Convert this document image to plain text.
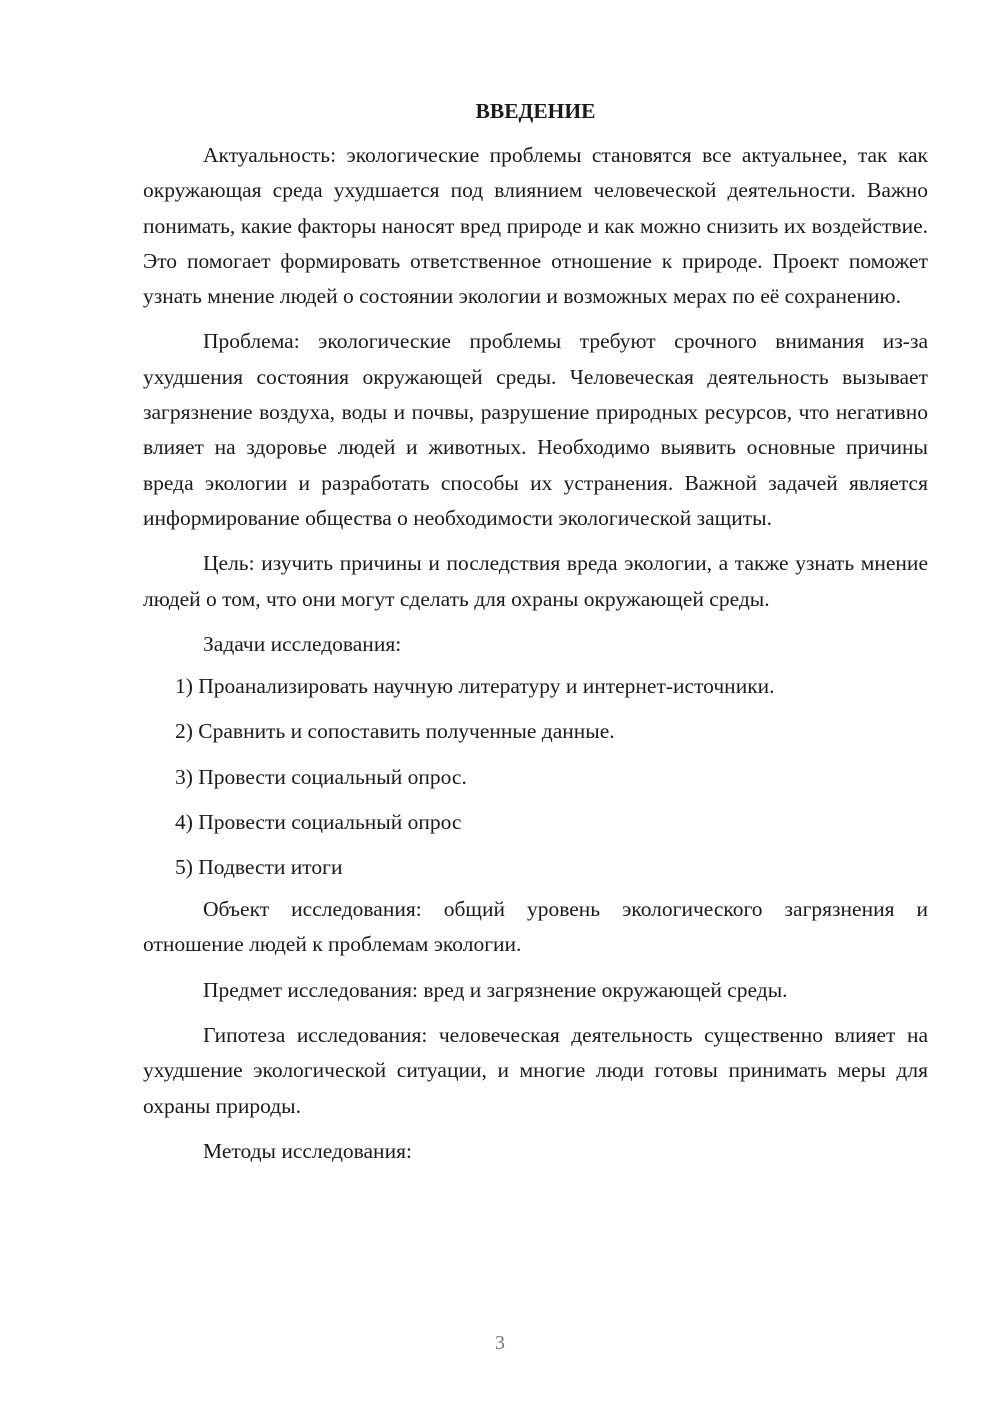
ВВЕДЕНИЕ

Актуальность: экологические проблемы становятся все актуальнее, так как окружающая среда ухудшается под влиянием человеческой деятельности. Важно понимать, какие факторы наносят вред природе и как можно снизить их воздействие. Это помогает формировать ответственное отношение к природе. Проект поможет узнать мнение людей о состоянии экологии и возможных мерах по её сохранению.

Проблема: экологические проблемы требуют срочного внимания из-за ухудшения состояния окружающей среды. Человеческая деятельность вызывает загрязнение воздуха, воды и почвы, разрушение природных ресурсов, что негативно влияет на здоровье людей и животных. Необходимо выявить основные причины вреда экологии и разработать способы их устранения. Важной задачей является информирование общества о необходимости экологической защиты.

Цель: изучить причины и последствия вреда экологии, а также узнать мнение людей о том, что они могут сделать для охраны окружающей среды.

Задачи исследования:

1) Проанализировать научную литературу и интернет-источники.

2) Сравнить и сопоставить полученные данные.

3) Провести социальный опрос.

4) Провести социальный опрос

5) Подвести итоги

Объект исследования: общий уровень экологического загрязнения и отношение людей к проблемам экологии.

Предмет исследования: вред и загрязнение окружающей среды.

Гипотеза исследования: человеческая деятельность существенно влияет на ухудшение экологической ситуации, и многие люди готовы принимать меры для охраны природы.

Методы исследования:

3
